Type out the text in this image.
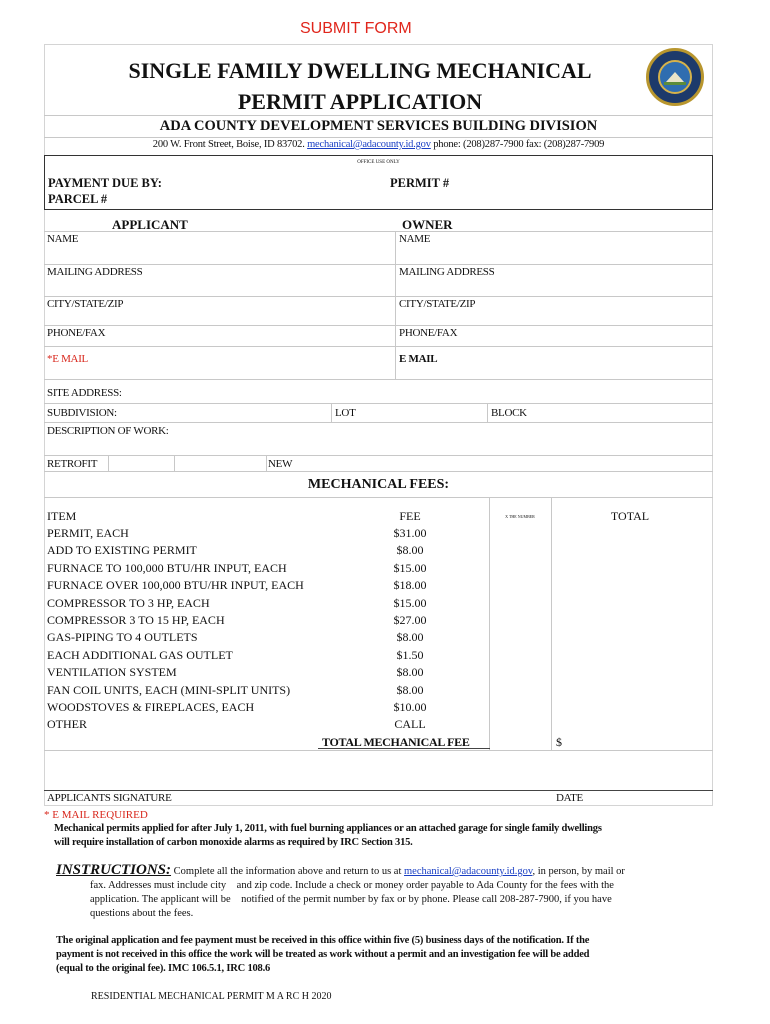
SUBMIT FORM
SINGLE FAMILY DWELLING MECHANICAL
PERMIT APPLICATION
ADA COUNTY DEVELOPMENT SERVICES BUILDING DIVISION
200 W. Front Street, Boise, ID 83702. mechanical@adacounty.id.gov phone: (208)287-7900 fax: (208)287-7909
OFFICE USE ONLY
PAYMENT DUE BY:	PERMIT #
PARCEL #
APPLICANT	OWNER
NAME	NAME
MAILING ADDRESS	MAILING ADDRESS
CITY/STATE/ZIP	CITY/STATE/ZIP
PHONE/FAX	PHONE/FAX
*E MAIL	E MAIL
SITE ADDRESS:
SUBDIVISION:	LOT	BLOCK
DESCRIPTION OF WORK:
RETROFIT	NEW
MECHANICAL FEES:
ITEM	FEE	X THE NUMBER	TOTAL
PERMIT, EACH	$31.00
ADD TO EXISTING PERMIT	$8.00
FURNACE TO 100,000 BTU/HR INPUT, EACH	$15.00
FURNACE OVER 100,000 BTU/HR INPUT, EACH	$18.00
COMPRESSOR TO 3 HP, EACH	$15.00
COMPRESSOR 3 TO 15 HP, EACH	$27.00
GAS-PIPING TO 4 OUTLETS	$8.00
EACH ADDITIONAL GAS OUTLET	$1.50
VENTILATION SYSTEM	$8.00
FAN COIL UNITS, EACH (MINI-SPLIT UNITS)	$8.00
WOODSTOVES & FIREPLACES, EACH	$10.00
OTHER	CALL
TOTAL MECHANICAL FEE	$
APPLICANTS SIGNATURE	DATE
* E MAIL REQUIRED
Mechanical permits applied for after July 1, 2011, with fuel burning appliances or an attached garage for single family dwellings
will require installation of carbon monoxide alarms as required by IRC Section 315.
INSTRUCTIONS: Complete all the information above and return to us at mechanical@adacounty.id.gov, in person, by mail or
fax. Addresses must include city    and zip code. Include a check or money order payable to Ada County for the fees with the
application. The applicant will be    notified of the permit number by fax or by phone. Please call 208-287-7900, if you have
questions about the fees.
The original application and fee payment must be received in this office within five (5) business days of the notification. If the
payment is not received in this office the work will be treated as work without a permit and an investigation fee will be added
(equal to the original fee). IMC 106.5.1, IRC 108.6
RESIDENTIAL MECHANICAL PERMIT M A RC H 2020
